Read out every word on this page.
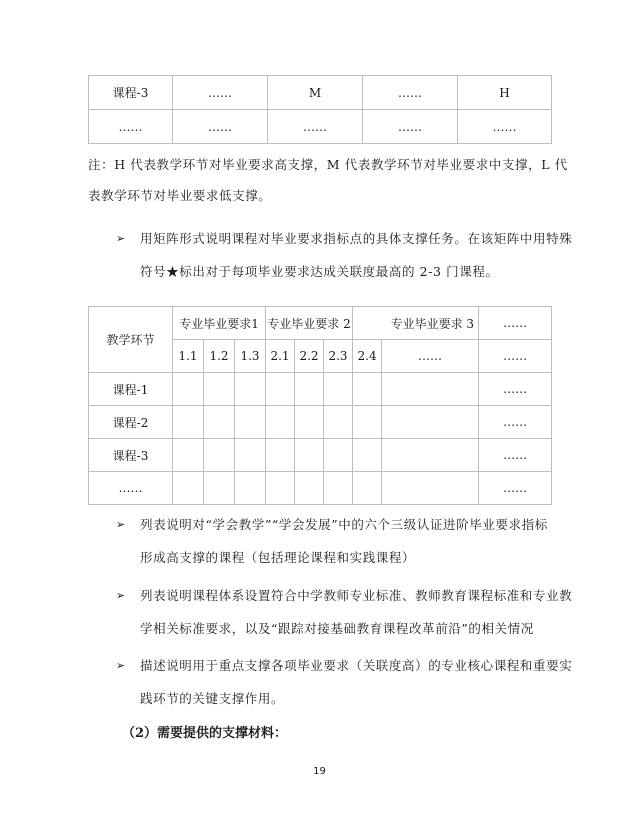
课程-3	……	M	……	H
……	……	……	……	……
注：H 代表教学环节对毕业要求高支撑，M 代表教学环节对毕业要求中支撑，L 代
表教学环节对毕业要求低支撑。
➢ 用矩阵形式说明课程对毕业要求指标点的具体支撑任务。在该矩阵中用特殊
符号★标出对于每项毕业要求达成关联度最高的 2-3 门课程。
教学环节	专业毕业要求1			专业毕业要求 2			专业毕业要求 3		……
	1.1	1.2	1.3	2.1	2.2	2.3	2.4	……	……
课程-1									……
课程-2									……
课程-3									……
……									……
➢ 列表说明对“学会教学”“学会发展”中的六个三级认证进阶毕业要求指标
形成高支撑的课程（包括理论课程和实践课程）
➢ 列表说明课程体系设置符合中学教师专业标准、教师教育课程标准和专业教
学相关标准要求，以及“跟踪对接基础教育课程改革前沿”的相关情况
➢ 描述说明用于重点支撑各项毕业要求（关联度高）的专业核心课程和重要实
践环节的关键支撑作用。
（2）需要提供的支撑材料：
19
